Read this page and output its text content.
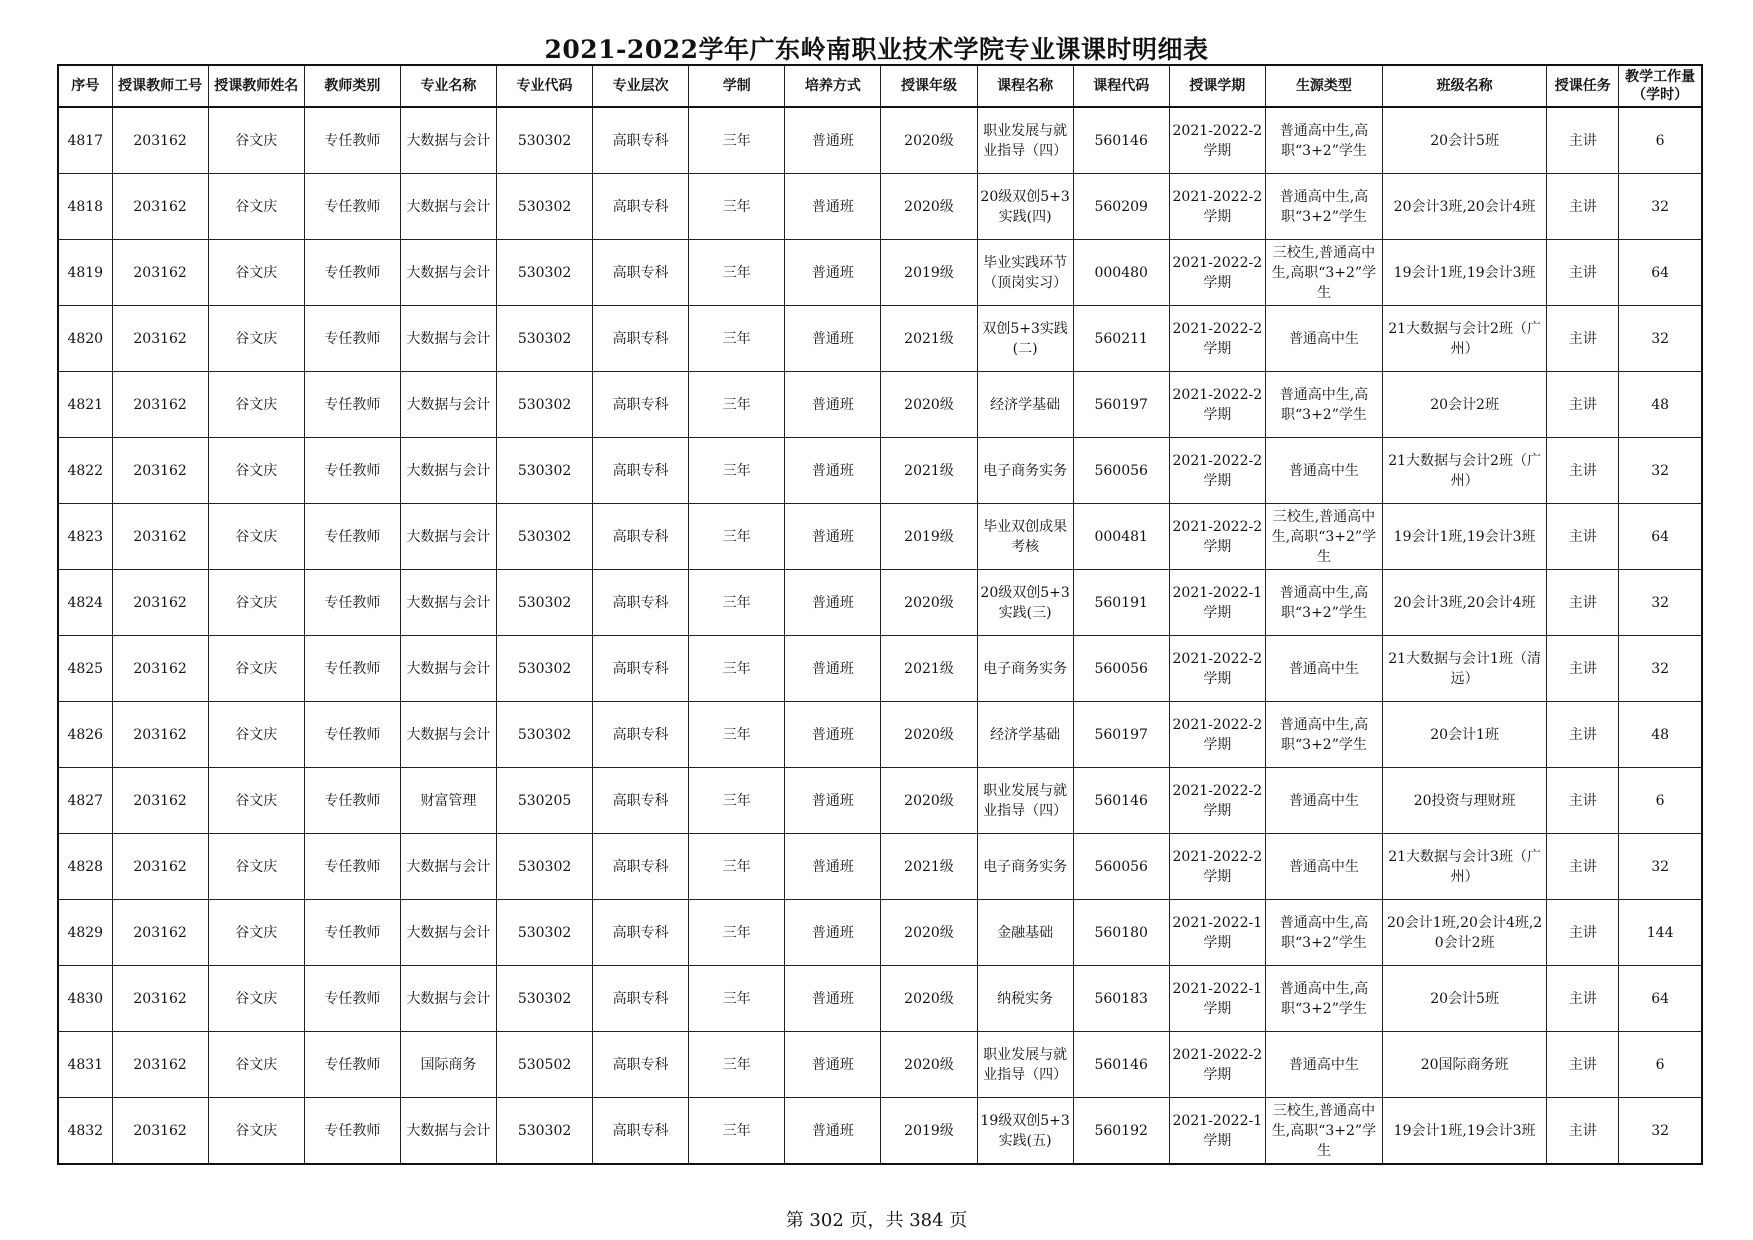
2021-2022学年广东岭南职业技术学院专业课课时明细表
序号	授课教师工号	授课教师姓名	教师类别	专业名称	专业代码	专业层次	学制	培养方式	授课年级	课程名称	课程代码	授课学期	生源类型	班级名称	授课任务	教学工作量（学时）
4817	203162	谷文庆	专任教师	大数据与会计	530302	高职专科	三年	普通班	2020级	职业发展与就业指导（四）	560146	2021-2022-2学期	普通高中生,高职“3+2”学生	20会计5班	主讲	6
4818	203162	谷文庆	专任教师	大数据与会计	530302	高职专科	三年	普通班	2020级	20级双创5+3实践(四)	560209	2021-2022-2学期	普通高中生,高职“3+2”学生	20会计3班,20会计4班	主讲	32
4819	203162	谷文庆	专任教师	大数据与会计	530302	高职专科	三年	普通班	2019级	毕业实践环节（顶岗实习）	000480	2021-2022-2学期	三校生,普通高中生,高职“3+2”学生	19会计1班,19会计3班	主讲	64
4820	203162	谷文庆	专任教师	大数据与会计	530302	高职专科	三年	普通班	2021级	双创5+3实践(二)	560211	2021-2022-2学期	普通高中生	21大数据与会计2班（广州）	主讲	32
4821	203162	谷文庆	专任教师	大数据与会计	530302	高职专科	三年	普通班	2020级	经济学基础	560197	2021-2022-2学期	普通高中生,高职“3+2”学生	20会计2班	主讲	48
4822	203162	谷文庆	专任教师	大数据与会计	530302	高职专科	三年	普通班	2021级	电子商务实务	560056	2021-2022-2学期	普通高中生	21大数据与会计2班（广州）	主讲	32
4823	203162	谷文庆	专任教师	大数据与会计	530302	高职专科	三年	普通班	2019级	毕业双创成果考核	000481	2021-2022-2学期	三校生,普通高中生,高职“3+2”学生	19会计1班,19会计3班	主讲	64
4824	203162	谷文庆	专任教师	大数据与会计	530302	高职专科	三年	普通班	2020级	20级双创5+3实践(三)	560191	2021-2022-1学期	普通高中生,高职“3+2”学生	20会计3班,20会计4班	主讲	32
4825	203162	谷文庆	专任教师	大数据与会计	530302	高职专科	三年	普通班	2021级	电子商务实务	560056	2021-2022-2学期	普通高中生	21大数据与会计1班（清远）	主讲	32
4826	203162	谷文庆	专任教师	大数据与会计	530302	高职专科	三年	普通班	2020级	经济学基础	560197	2021-2022-2学期	普通高中生,高职“3+2”学生	20会计1班	主讲	48
4827	203162	谷文庆	专任教师	财富管理	530205	高职专科	三年	普通班	2020级	职业发展与就业指导（四）	560146	2021-2022-2学期	普通高中生	20投资与理财班	主讲	6
4828	203162	谷文庆	专任教师	大数据与会计	530302	高职专科	三年	普通班	2021级	电子商务实务	560056	2021-2022-2学期	普通高中生	21大数据与会计3班（广州）	主讲	32
4829	203162	谷文庆	专任教师	大数据与会计	530302	高职专科	三年	普通班	2020级	金融基础	560180	2021-2022-1学期	普通高中生,高职“3+2”学生	20会计1班,20会计4班,20会计2班	主讲	144
4830	203162	谷文庆	专任教师	大数据与会计	530302	高职专科	三年	普通班	2020级	纳税实务	560183	2021-2022-1学期	普通高中生,高职“3+2”学生	20会计5班	主讲	64
4831	203162	谷文庆	专任教师	国际商务	530502	高职专科	三年	普通班	2020级	职业发展与就业指导（四）	560146	2021-2022-2学期	普通高中生	20国际商务班	主讲	6
4832	203162	谷文庆	专任教师	大数据与会计	530302	高职专科	三年	普通班	2019级	19级双创5+3实践(五)	560192	2021-2022-1学期	三校生,普通高中生,高职“3+2”学生	19会计1班,19会计3班	主讲	32
第 302 页，共 384 页
